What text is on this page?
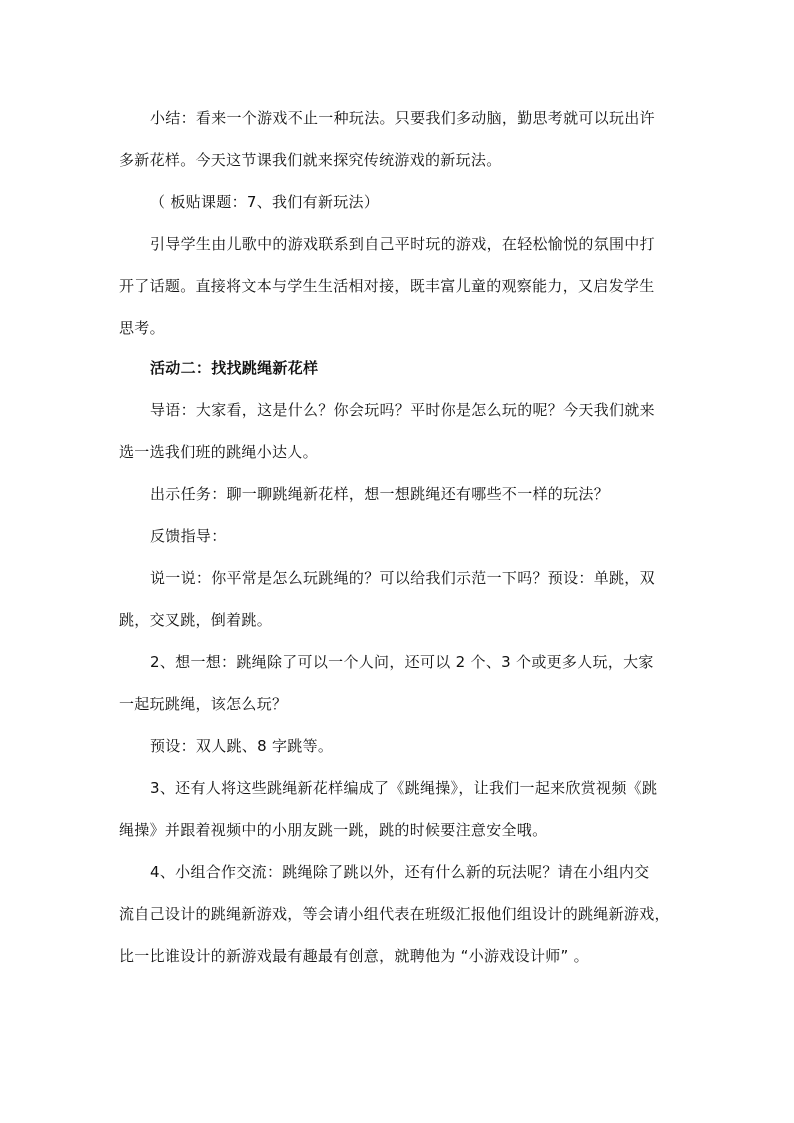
小结：看来一个游戏不止一种玩法。只要我们多动脑，勤思考就可以玩出许
多新花样。今天这节课我们就来探究传统游戏的新玩法。

（ 板贴课题：7、我们有新玩法）

引导学生由儿歌中的游戏联系到自己平时玩的游戏，在轻松愉悦的氛围中打
开了话题。直接将文本与学生生活相对接，既丰富儿童的观察能力，又启发学生
思考。

活动二：找找跳绳新花样

导语：大家看，这是什么？你会玩吗？平时你是怎么玩的呢？今天我们就来
选一选我们班的跳绳小达人。

出示任务：聊一聊跳绳新花样，想一想跳绳还有哪些不一样的玩法？

反馈指导：

说一说：你平常是怎么玩跳绳的？可以给我们示范一下吗？预设：单跳，双
跳，交叉跳，倒着跳。

2、想一想：跳绳除了可以一个人问，还可以 2 个、3 个或更多人玩，大家
一起玩跳绳，该怎么玩？

预设：双人跳、8 字跳等。

3、还有人将这些跳绳新花样编成了《跳绳操》，让我们一起来欣赏视频《跳
绳操》并跟着视频中的小朋友跳一跳，跳的时候要注意安全哦。

4、小组合作交流：跳绳除了跳以外，还有什么新的玩法呢？请在小组内交
流自己设计的跳绳新游戏，等会请小组代表在班级汇报他们组设计的跳绳新游戏，
比一比谁设计的新游戏最有趣最有创意，就聘他为 “小游戏设计师” 。
